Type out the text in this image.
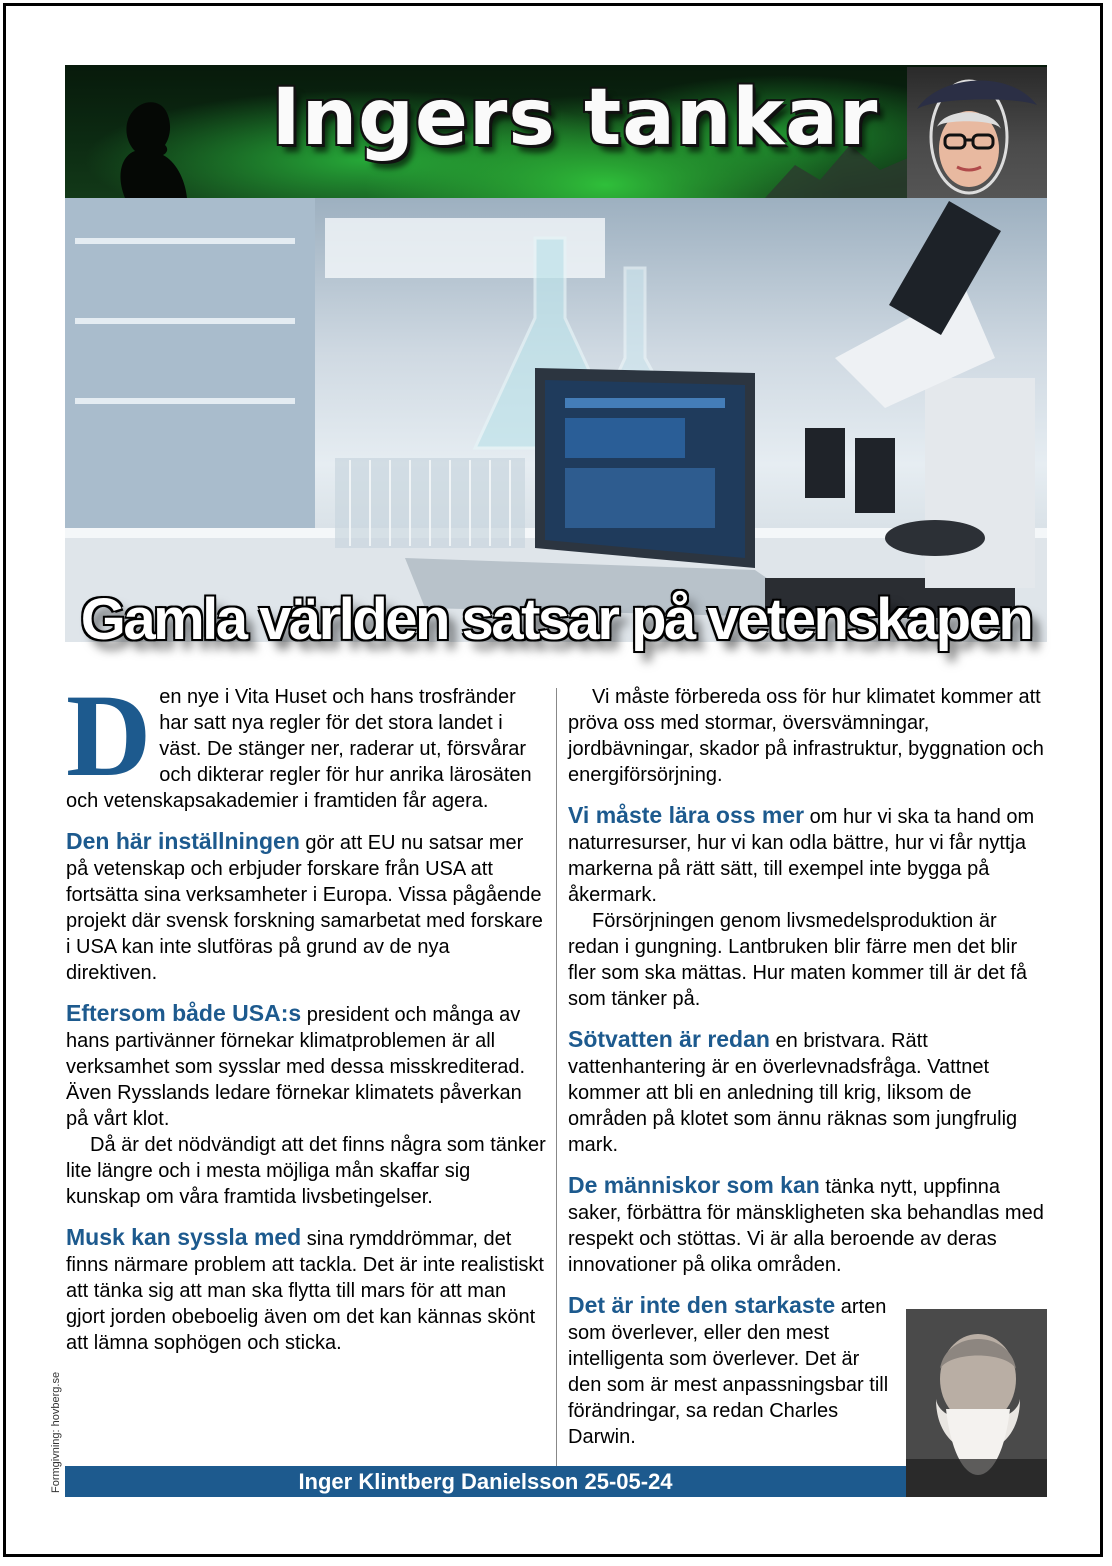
Ingers tankar
Gamla världen satsar på vetenskapen

Den nye i Vita Huset och hans trosfränder har satt nya regler för det stora landet i väst. De stänger ner, raderar ut, försvårar och dikterar regler för hur anrika lärosäten och vetenskapsakademier i framtiden får agera.

Den här inställningen gör att EU nu satsar mer på vetenskap och erbjuder forskare från USA att fortsätta sina verksamheter i Europa. Vissa pågående projekt där svensk forskning samarbetat med forskare i USA kan inte slutföras på grund av de nya direktiven.

Eftersom både USA:s president och många av hans partivänner förnekar klimatproblemen är all verksamhet som sysslar med dessa misskrediterad. Även Rysslands ledare förnekar klimatets påverkan på vårt klot.

Då är det nödvändigt att det finns några som tänker lite längre och i mesta möjliga mån skaffar sig kunskap om våra framtida livsbetingelser.

Musk kan syssla med sina rymddrömmar, det finns närmare problem att tackla. Det är inte realistiskt att tänka sig att man ska flytta till mars för att man gjort jorden obeboelig även om det kan kännas skönt att lämna sophögen och sticka.

Vi måste förbereda oss för hur klimatet kommer att pröva oss med stormar, översvämningar, jordbävningar, skador på infrastruktur, byggnation och energiförsörjning.

Vi måste lära oss mer om hur vi ska ta hand om naturresurser, hur vi kan odla bättre, hur vi får nyttja markerna på rätt sätt, till exempel inte bygga på åkermark.

Försörjningen genom livsmedelsproduktion är redan i gungning. Lantbruken blir färre men det blir fler som ska mättas. Hur maten kommer till är det få som tänker på.

Sötvatten är redan en bristvara. Rätt vattenhantering är en överlevnadsfråga. Vattnet kommer att bli en anledning till krig, liksom de områden på klotet som ännu räknas som jungfrulig mark.

De människor som kan tänka nytt, uppfinna saker, förbättra för mänskligheten ska behandlas med respekt och stöttas. Vi är alla beroende av deras innovationer på olika områden.

Det är inte den starkaste arten som överlever, eller den mest intelligenta som överlever. Det är den som är mest anpassningsbar till förändringar, sa redan Charles Darwin.

Inger Klintberg Danielsson 25-05-24
Formgivning: hovberg.se
